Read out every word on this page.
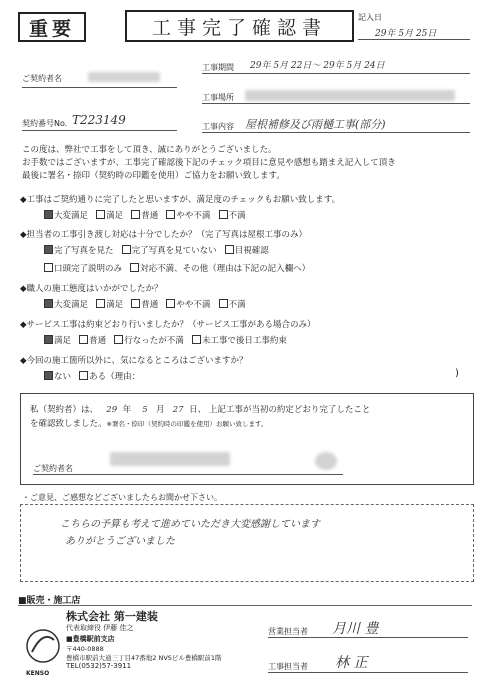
重要	工事完了確認書	記入日
29年 5月 25日
ご契約者名
契約番号No. T223149
工事期間 29年 5月 22日〜 29年 5月 24日
工事場所
工事内容 屋根補修及び雨樋工事(部分)
この度は、弊社で工事をして頂き、誠にありがとうございました。
お手数ではございますが、工事完了確認後下記のチェック項目に意見や感想も踏まえ記入して頂き
最後に署名・捺印（契約時の印鑑を使用）ご協力をお願い致します。
◆工事はご契約通りに完了したと思いますが、満足度のチェックもお願い致します。
大変満足 満足 普通 やや不満 不満
◆担当者の工事引き渡し対応は十分でしたか？（完了写真は屋根工事のみ）
完了写真を見た 完了写真を見ていない 目視確認
口頭完了説明のみ 対応不満、その他（理由は下記の記入欄へ）
◆職人の施工態度はいかがでしたか？
大変満足 満足 普通 やや不満 不満
◆サービス工事は約束どおり行いましたか？（サービス工事がある場合のみ）
満足 普通 行なったが不満 未工事で後日工事約束
◆今回の施工箇所以外に、気になるところはございますか？
ない ある（理由：	)
私（契約者）は、 29 年 5 月 27 日、 上記工事が当初の約定どおり完了したこと
を確認致しました。※署名・捺印（契約時の印鑑を使用）お願い致します。
ご契約者名
・ご意見、ご感想などございましたらお聞かせ下さい。
こちらの予算も考えて進めていただき大変感謝しています
ありがとうございました
■販売・施工店
株式会社 第一建装
代表取締役 伊藤 佳之
■豊橋駅前支店
〒440-0888
豊橋市駅前大通三丁目47番地2 NVSビル豊橋駅前1階
TEL(0532)57-3911
KENSO
営業担当者 月川 豊
工事担当者 林 正
